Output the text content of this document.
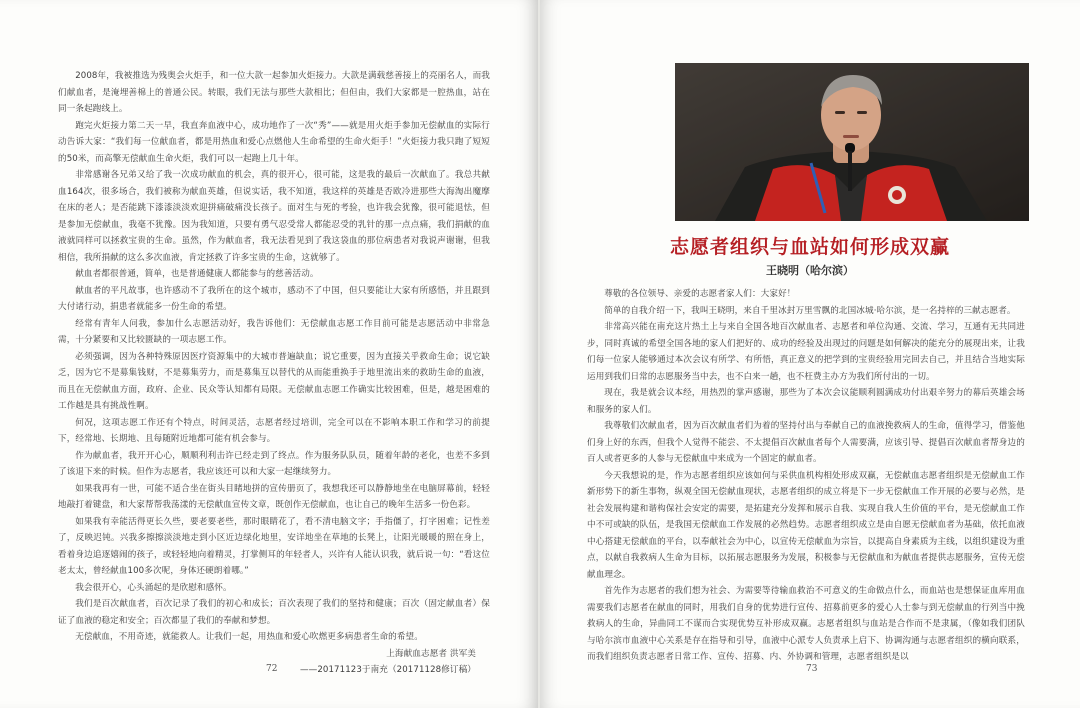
2008年，我被推选为残奥会火炬手，和一位大款一起参加火炬接力。大款是满载慈善接上的亮丽名人，而我们献血者，是淹埋善棉上的普通公民。转眼，我们无法与那些大款相比；但但由，我们大家都是一腔热血，站在同一条起跑线上。

跑完火炬接力第二天一早，我直奔血液中心，成功地作了一次“秀”——就是用火炬手参加无偿献血的实际行动告诉大家：“我们每一位献血者，都是用热血和爱心点燃他人生命希望的生命火炬手！”火炬接力我只跑了短短的50米，而高擎无偿献血生命火炬，我们可以一起跑上几十年。

非常感谢各兄弟又给了我一次成功献血的机会，真的很开心，很可能，这是我的最后一次献血了。我总共献血164次，很多场合，我们被称为献血英雄，但说实话，我不知道，我这样的英雄是否欧冷进那些大海淘出魔摩在床的老人；是否能跳下漆漆淡淡欢迎拼痛破痛没长孩子。面对生与死的考验，也许我会犹豫，很可能退怯，但是参加无偿献血，我毫不犹豫。因为我知道，只要有勇气忍受常人都能忍受的乳针的那一点点痛，我们捐献的血液就同样可以拯救宝贵的生命。虽然，作为献血者，我无法看见到了我这袋血的那位病患者对我说声谢谢，但我相信，我所捐献的这么多次血液，肯定拯救了许多宝贵的生命，这就够了。

献血者都很普通，简单，也是普通健康人都能参与的慈善活动。

献血者的平凡故事，也许感动不了我所在的这个城市，感动不了中国，但只要能让大家有所感悟，并且跟到大付诸行动，捐患者就能多一份生命的希望。

经常有青年人问我，参加什么志愿活动好，我告诉他们：无偿献血志愿工作目前可能是志愿活动中非常急需，十分紧要和又比较匮缺的一项志愿工作。

必须强调，因为各种特殊原因医疗资源集中的大城市普遍缺血；说它重要，因为直接关乎救命生命；说它缺乏，因为它不是募集钱财，不是募集劳力，而是募集互以替代的从而能重换手于地里流出来的救助生命的血液，而且在无偿献血方面，政府、企业、民众等认知都有局限。无偿献血志愿工作确实比较困难，但是，越是困难的工作越是具有挑战性啊。

何况，这项志愿工作还有个特点，时间灵活，志愿者经过培训，完全可以在不影响本职工作和学习的前提下，经常地、长期地、且每随附近地都可能有机会参与。

作为献血者，我开开心心，顺顺利利击许已经走到了终点。作为服务队队员，随着年龄的老化，也差不多到了该退下来的时候。但作为志愿者，我应该还可以和大家一起继续努力。

如果我再有一世，可能不适合坐在街头目睹地拼的宣传册页了，我想我还可以静静地坐在电脑屏幕前，轻轻地敲打着键盘，和大家帮帮我荡漾的无偿献血宣传文章，既创作无偿献血，也让自己的晚年生活多一份色彩。

如果我有幸能活得更长久些，要老要老些，那时眼睛花了，看不清电脑文字；手指僵了，打字困难；记性差了，反映迟钝。兴我多擦擦淡淡地走到小区近边绿化地里，安详地坐在草地的长凳上，让阳光暖暖的照在身上，看着身边追逐嬉闹的孩子，或轻轻地向着精灵，打掌侧耳的年轻者人，兴许有人能认识我，就后说一句：“看这位老太太，曾经献血100多次呢，身体还硬朗着哪。”

我会很开心，心头涌起的是欣慰和感怀。

我们是百次献血者，百次记录了我们的初心和成长；百次表现了我们的坚持和健康；百次（固定献血者）保证了血液的稳定和安全；百次都显了我们的奉献和梦想。

无偿献血，不用奇迹，就能救人。让我们一起，用热血和爱心吹燃更多病患者生命的希望。

上海献血志愿者 洪军美
——20171123于南充（20171128修订稿）
72
志愿者组织与血站如何形成双赢
王晓明（哈尔滨）

尊敬的各位领导、亲爱的志愿者家人们：大家好！

简单的自我介绍一下，我叫王晓明，来自千里冰封万里雪飘的北国冰城·哈尔滨，是一名持梓的三献志愿者。

非常高兴能在南充这片热土上与来自全国各地百次献血者、志愿者和单位沟通、交流、学习，互通有无共同进步，同时真诚的希望全国各地的家人们把好的、成功的经验及出现过的问题是如何解决的能充分的展现出来，让我们每一位家人能够通过本次会议有所学、有所悟，真正意义的把学到的宝贵经验用完回去自己，并且结合当地实际运用到我们日常的志愿服务当中去，也不白来一趟，也不枉费主办方为我们所付出的一切。

现在，我是就会议本经，用热烈的掌声感谢，那些为了本次会议能顺利圆满成功付出艰辛努力的幕后英雄会场和服务的家人们。

我尊敬们次献血者，因为百次献血者们为着的坚持付出与奉献自己的血液挽救病人的生命，值得学习，借鉴他们身上好的东西，但我个人觉得不能尝、不太提倡百次献血者每个人需要满，应该引导、提倡百次献血者帮身边的百人或者更多的人参与无偿献血中来成为一个固定的献血者。

今天我想说的是，作为志愿者组织应该如何与采供血机构相处形成双赢，无偿献血志愿者组织是无偿献血工作新形势下的新生事物，纵观全国无偿献血现状，志愿者组织的成立将是下一步无偿献血工作开展的必要与必然，是社会发展构建和谐构保社会安定的需要，是拓建充分发挥和展示自我、实现自我人生价值的平台，是无偿献血工作中不可或缺的队伍，是我国无偿献血工作发展的必然趋势。志愿者组织成立是由自愿无偿献血者为基础，依托血液中心搭建无偿献血的平台，以奉献社会为中心，以宣传无偿献血为宗旨，以提高自身素质为主线，以组织建设为重点，以献自我救病人生命为目标，以拓展志愿服务为发展，积极参与无偿献血和为献血者提供志愿服务，宣传无偿献血理念。

首先作为志愿者的我们想为社会、为需要等待输血救治不可意义的生命做点什么，而血站也是想保证血库用血需要我们志愿者在献血的同时，用我们自身的优势进行宣传、招募前更多的爱心人士参与到无偿献血的行列当中挽救病人的生命，异曲同工不谋而合实现优势互补形成双赢。志愿者组织与血站是合作而不是隶属，（像如我们团队与哈尔滨市血液中心关系是存在指导和引导，血液中心派专人负责承上启下、协调沟通与志愿者组织的横向联系，而我们组织负责志愿者日常工作、宣传、招募、内、外协调和管理，志愿者组织是以

73
